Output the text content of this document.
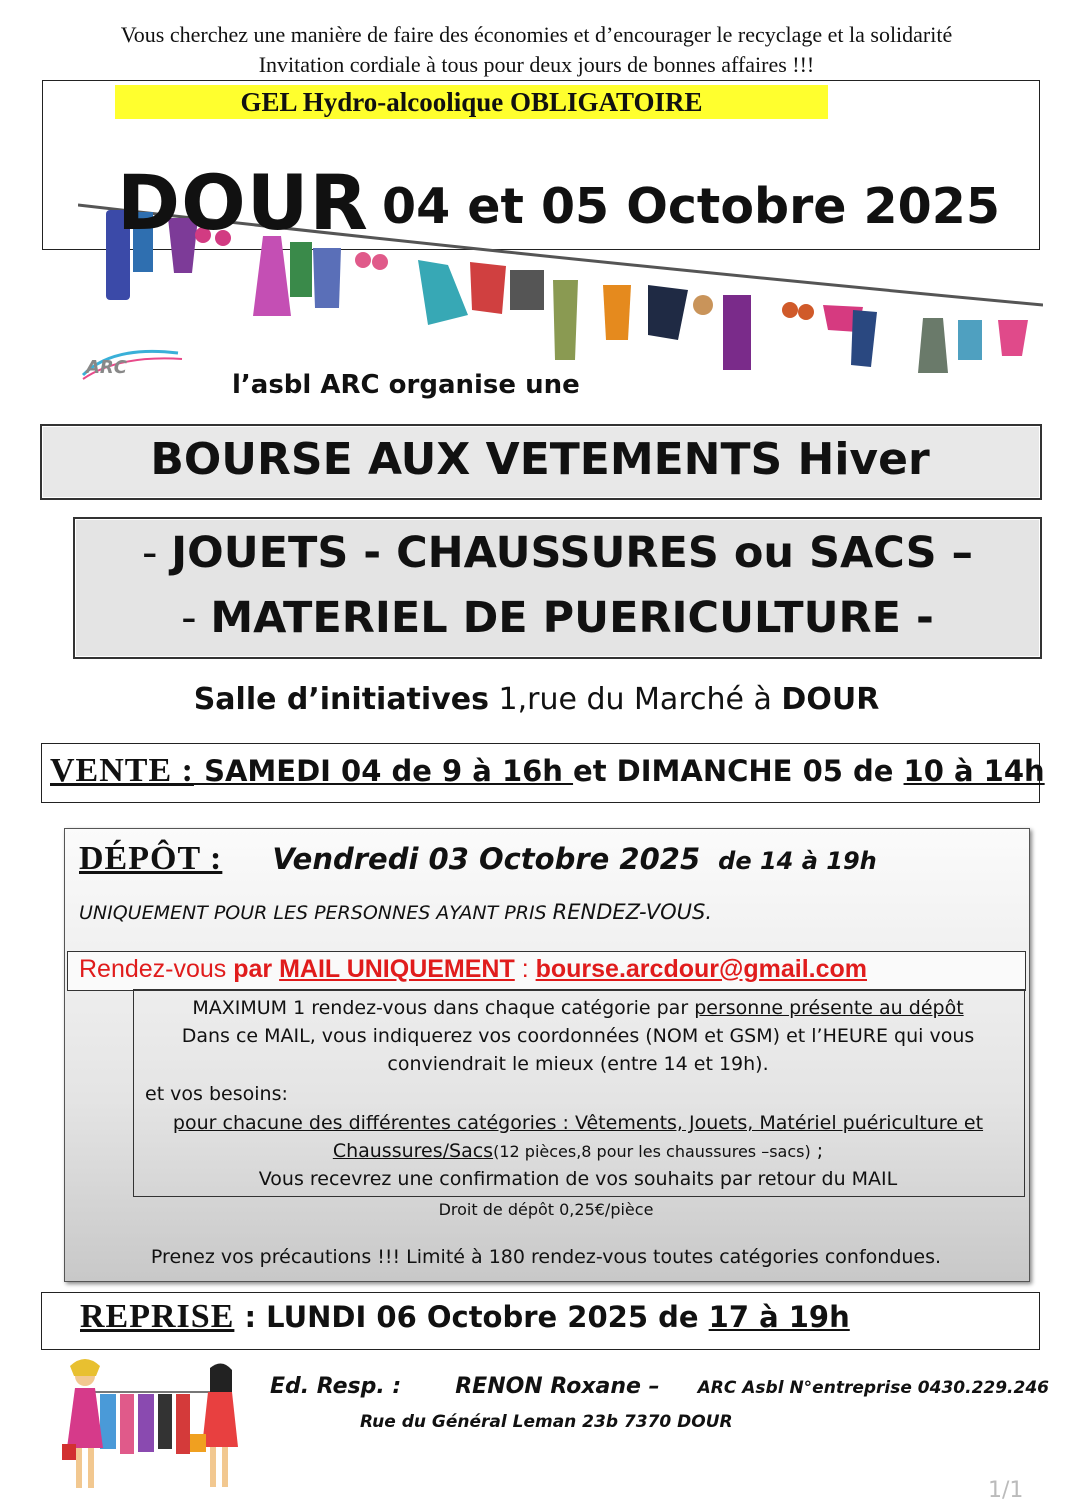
Vous cherchez une manière de faire des économies et d’encourager le recyclage et la solidarité
Invitation cordiale à tous pour deux jours de bonnes affaires !!!
GEL Hydro-alcoolique OBLIGATOIRE
DOUR 04 et 05 Octobre 2025
ARC
l’asbl ARC organise une
BOURSE AUX VETEMENTS Hiver
- JOUETS - CHAUSSURES ou SACS –
- MATERIEL DE PUERICULTURE -
Salle d’initiatives 1,rue du Marché à DOUR
VENTE : SAMEDI 04 de 9 à 16h et DIMANCHE 05 de 10 à 14h
DÉPÔT : Vendredi 03 Octobre 2025 de 14 à 19h
UNIQUEMENT POUR LES PERSONNES AYANT PRIS RENDEZ-VOUS.
Rendez-vous par MAIL UNIQUEMENT : bourse.arcdour@gmail.com
MAXIMUM 1 rendez-vous dans chaque catégorie par personne présente au dépôt
Dans ce MAIL, vous indiquerez vos coordonnées (NOM et GSM) et l’HEURE qui vous
conviendrait le mieux (entre 14 et 19h).
et vos besoins:
pour chacune des différentes catégories : Vêtements, Jouets, Matériel puériculture et
Chaussures/Sacs(12 pièces,8 pour les chaussures –sacs) ;
Vous recevrez une confirmation de vos souhaits par retour du MAIL
Droit de dépôt 0,25€/pièce
Prenez vos précautions !!! Limité à 180 rendez-vous toutes catégories confondues.
REPRISE : LUNDI 06 Octobre 2025 de 17 à 19h
Ed. Resp. : RENON Roxane – ARC Asbl N°entreprise 0430.229.246
Rue du Général Leman 23b 7370 DOUR
1/1
